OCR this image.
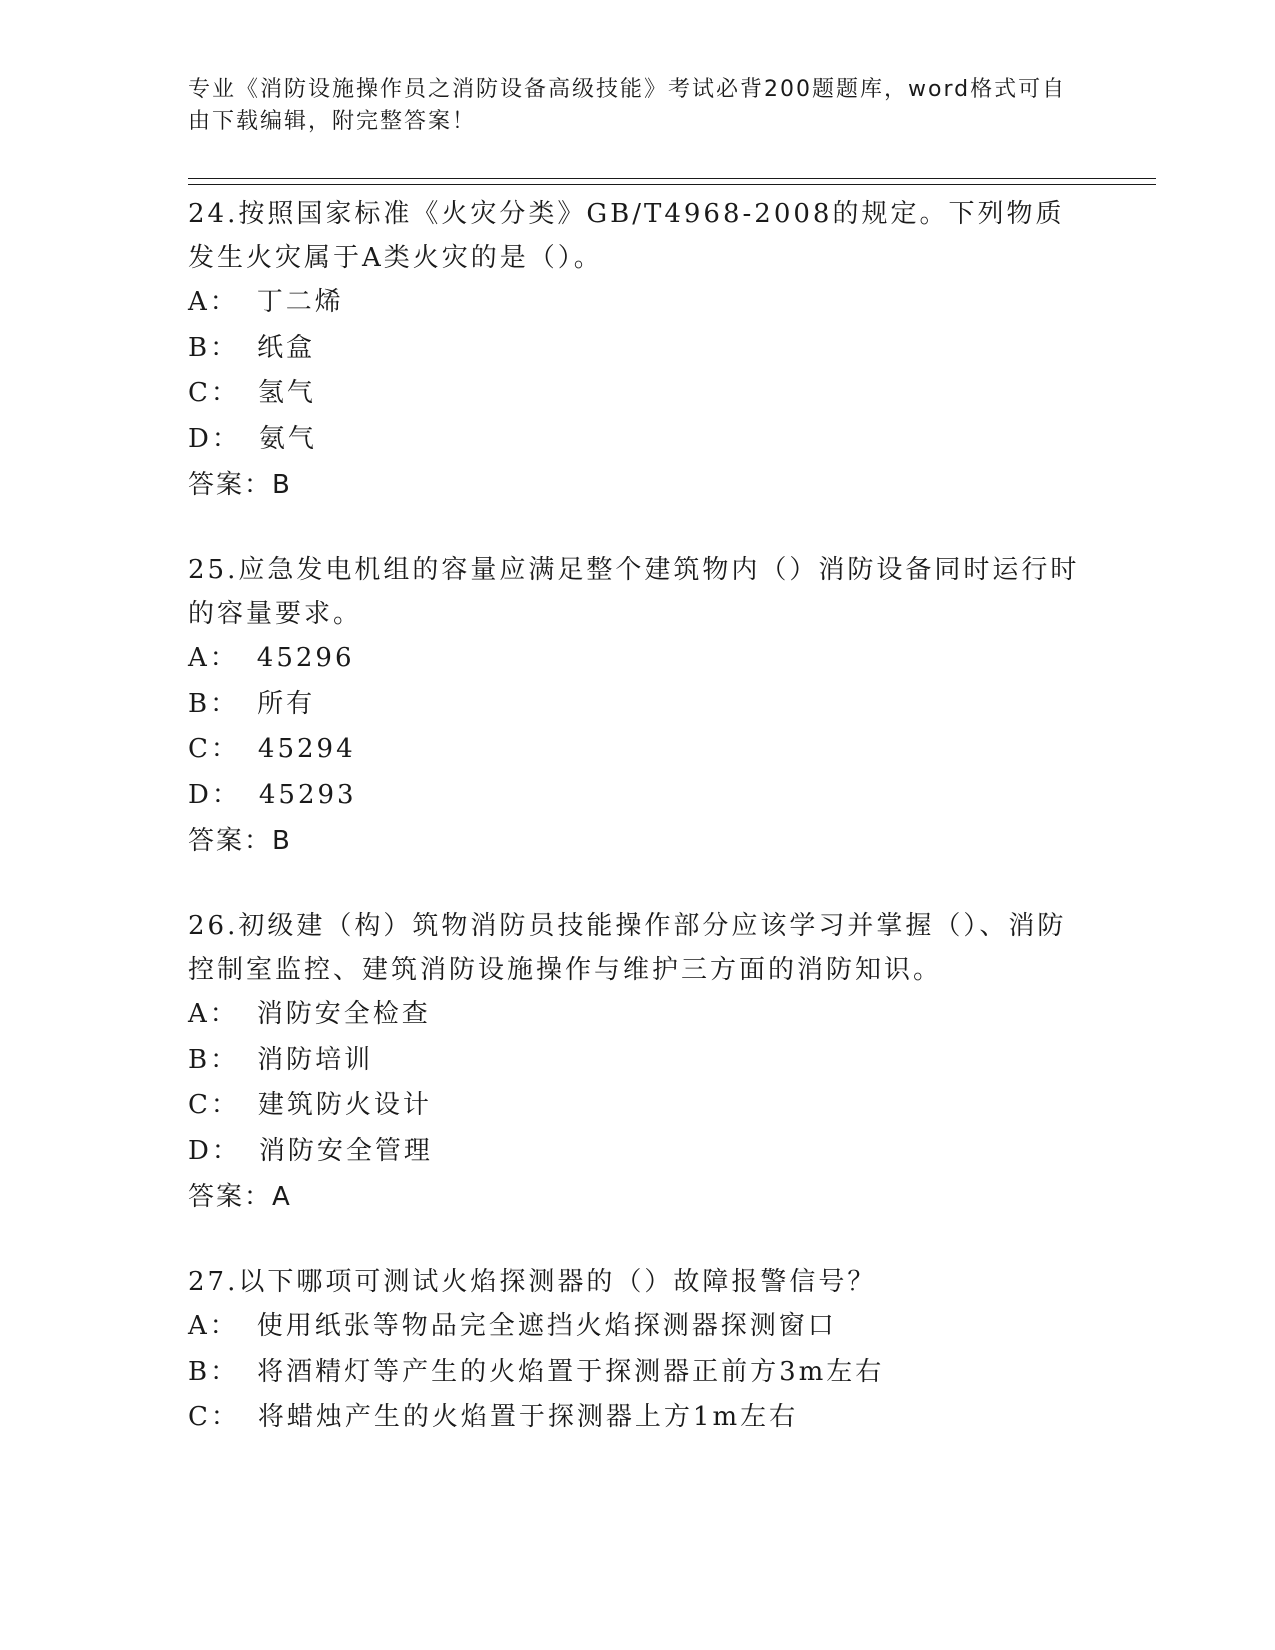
专业《消防设施操作员之消防设备高级技能》考试必背200题题库，word格式可自由下载编辑，附完整答案！

24.按照国家标准《火灾分类》GB/T4968-2008的规定。下列物质发生火灾属于A类火灾的是（）。

A： 丁二烯

B： 纸盒

C： 氢气

D： 氨气

答案：B

25.应急发电机组的容量应满足整个建筑物内（）消防设备同时运行时的容量要求。

A： 45296

B： 所有

C： 45294

D： 45293

答案：B

26.初级建（构）筑物消防员技能操作部分应该学习并掌握（）、消防控制室监控、建筑消防设施操作与维护三方面的消防知识。

A： 消防安全检查

B： 消防培训

C： 建筑防火设计

D： 消防安全管理

答案：A

27.以下哪项可测试火焰探测器的（）故障报警信号？

A： 使用纸张等物品完全遮挡火焰探测器探测窗口

B： 将酒精灯等产生的火焰置于探测器正前方3m左右

C： 将蜡烛产生的火焰置于探测器上方1m左右
